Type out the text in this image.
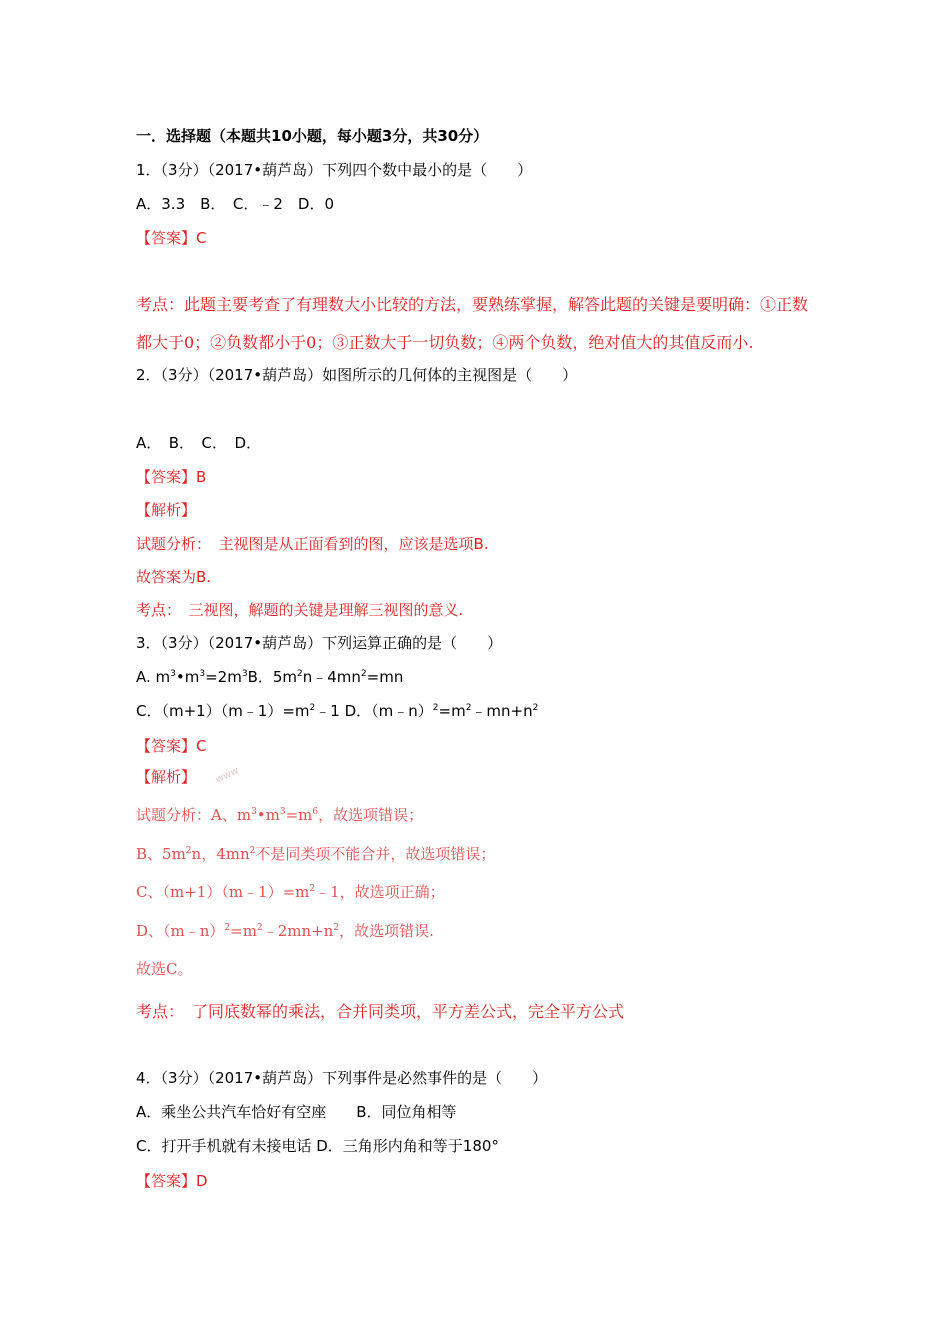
一．选择题（本题共10小题，每小题3分，共30分）
1．（3分）（2017•葫芦岛）下列四个数中最小的是（　　）
A．3.3　B．　C．﹣2　D．0
【答案】C
考点：此题主要考查了有理数大小比较的方法，要熟练掌握，解答此题的关键是要明确：①正数
都大于0；②负数都小于0；③正数大于一切负数；④两个负数，绝对值大的其值反而小.
2．（3分）（2017•葫芦岛）如图所示的几何体的主视图是（　　）
A．　B．　C．　D．
【答案】B
【解析】
试题分析：　主视图是从正面看到的图，应该是选项B.
故答案为B.
考点：　三视图，解题的关键是理解三视图的意义.
3．（3分）（2017•葫芦岛）下列运算正确的是（　　）
A. $m^3•m^3=2m^3B$．$5m^2n﹣4mn^2=mn$
C．$(m+1)(m﹣1)=m^2﹣1$ D．$(m﹣n)^2=m^2﹣mn+n^2$
【答案】C
【解析】 www
试题分析：A、$m^3•m^3=m^6$，故选项错误；
B、$5m^2n$，$4mn^2$不是同类项不能合并，故选项错误；
C、$(m+1)(m﹣1)=m^2﹣1$，故选项正确；
D、$(m﹣n)^2=m^2﹣2mn+n^2$，故选项错误.
故选C。
考点：　了同底数幂的乘法，合并同类项，平方差公式，完全平方公式
4．（3分）（2017•葫芦岛）下列事件是必然事件的是（　　）
A．乘坐公共汽车恰好有空座　　B．同位角相等
C．打开手机就有未接电话 D．三角形内角和等于180°
【答案】D
